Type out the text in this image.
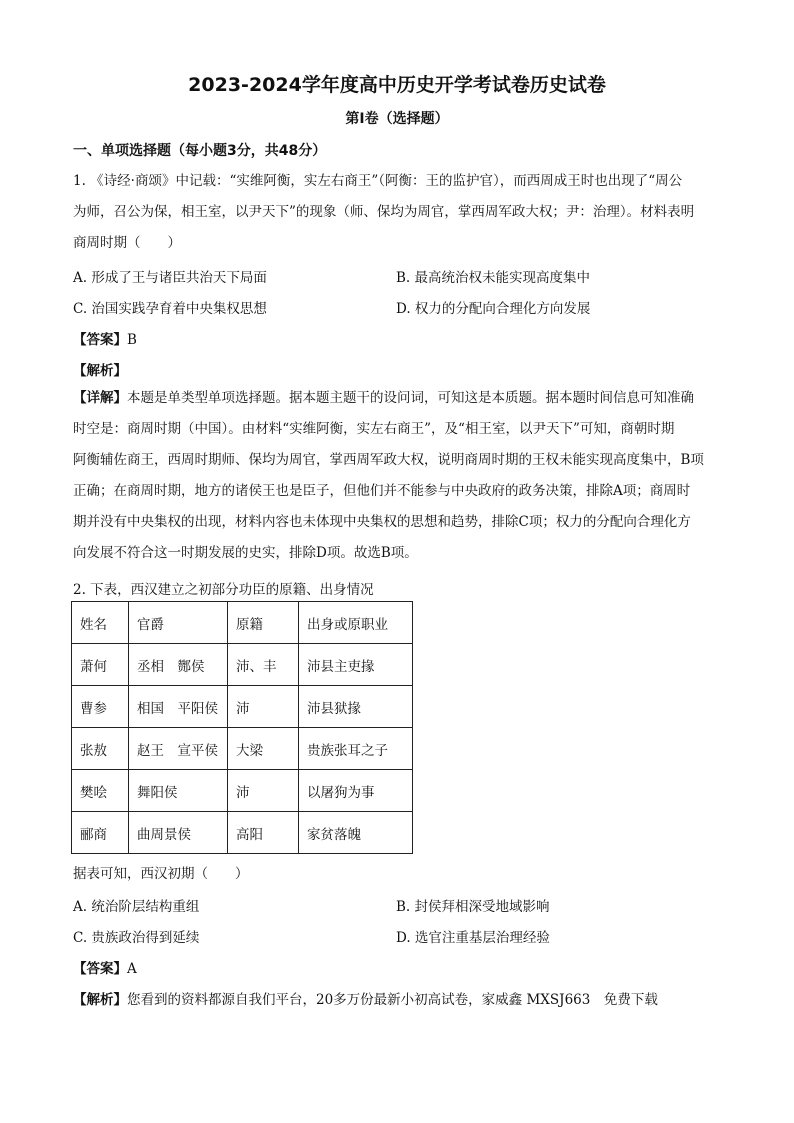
2023-2024学年度高中历史开学考试卷历史试卷
第Ⅰ卷（选择题）
一、单项选择题（每小题3分，共48分）
1. 《诗经·商颂》中记载：“实维阿衡，实左右商王”（阿衡：王的监护官），而西周成王时也出现了“周公
为师，召公为保，相王室，以尹天下”的现象（师、保均为周官，掌西周军政大权；尹：治理）。材料表明
商周时期（　　）
A. 形成了王与诸臣共治天下局面	B. 最高统治权未能实现高度集中
C. 治国实践孕育着中央集权思想	D. 权力的分配向合理化方向发展
【答案】B
【解析】
【详解】本题是单类型单项选择题。据本题主题干的设问词，可知这是本质题。据本题时间信息可知准确
时空是：商周时期（中国）。由材料“实维阿衡，实左右商王”，及“相王室，以尹天下”可知，商朝时期
阿衡辅佐商王，西周时期师、保均为周官，掌西周军政大权，说明商周时期的王权未能实现高度集中，B项
正确；在商周时期，地方的诸侯王也是臣子，但他们并不能参与中央政府的政务决策，排除A项；商周时
期并没有中央集权的出现，材料内容也未体现中央集权的思想和趋势，排除C项；权力的分配向合理化方
向发展不符合这一时期发展的史实，排除D项。故选B项。
2. 下表，西汉建立之初部分功臣的原籍、出身情况
姓名	官爵	原籍	出身或原职业
萧何	丞相　酂侯	沛、丰	沛县主吏掾
曹参	相国　平阳侯	沛	沛县狱掾
张敖	赵王　宣平侯	大梁	贵族张耳之子
樊哙	舞阳侯	沛	以屠狗为事
郦商	曲周景侯	高阳	家贫落魄
据表可知，西汉初期（　　）
A. 统治阶层结构重组	B. 封侯拜相深受地域影响
C. 贵族政治得到延续	D. 选官注重基层治理经验
【答案】A
【解析】您看到的资料都源自我们平台，20多万份最新小初高试卷，家威鑫 MXSJ663　免费下载
